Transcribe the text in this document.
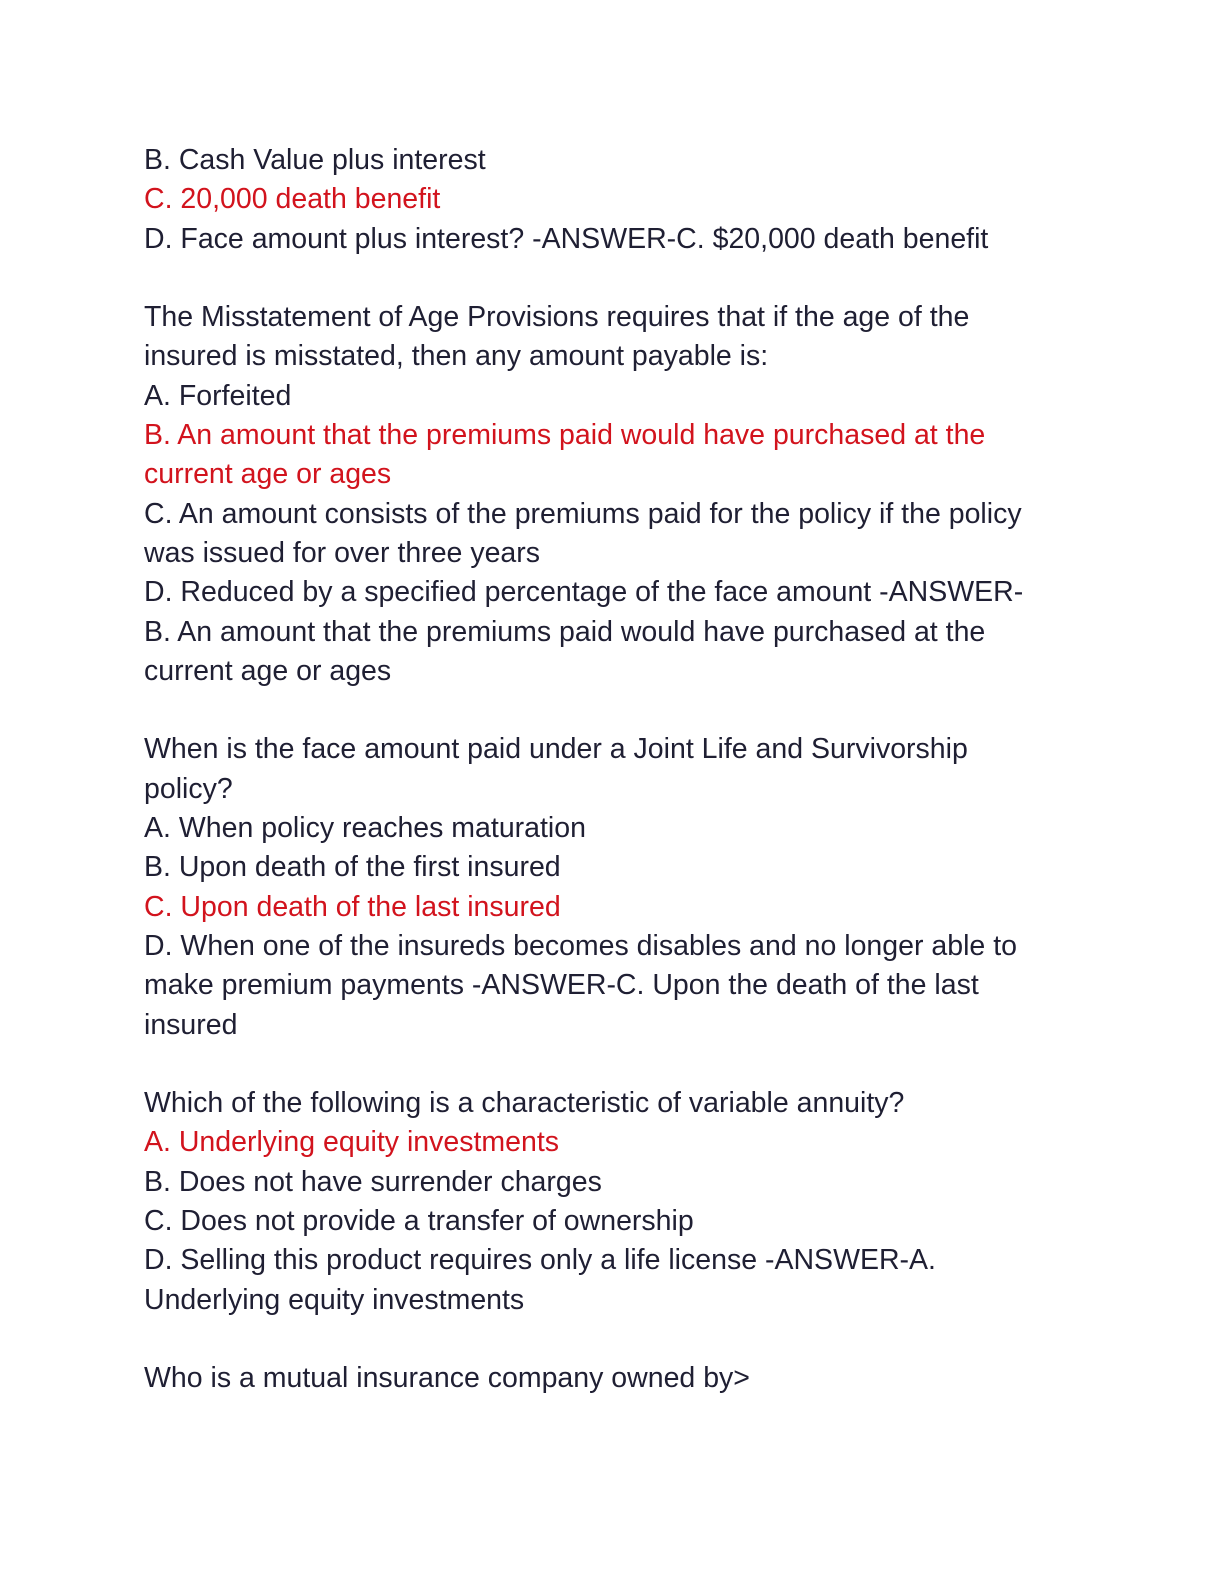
B. Cash Value plus interest
C. 20,000 death benefit
D. Face amount plus interest? -ANSWER-C. $20,000 death benefit
The Misstatement of Age Provisions requires that if the age of the
insured is misstated, then any amount payable is:
A. Forfeited
B. An amount that the premiums paid would have purchased at the
current age or ages
C. An amount consists of the premiums paid for the policy if the policy
was issued for over three years
D. Reduced by a specified percentage of the face amount -ANSWER-
B. An amount that the premiums paid would have purchased at the
current age or ages
When is the face amount paid under a Joint Life and Survivorship
policy?
A. When policy reaches maturation
B. Upon death of the first insured
C. Upon death of the last insured
D. When one of the insureds becomes disables and no longer able to
make premium payments -ANSWER-C. Upon the death of the last
insured
Which of the following is a characteristic of variable annuity?
A. Underlying equity investments
B. Does not have surrender charges
C. Does not provide a transfer of ownership
D. Selling this product requires only a life license -ANSWER-A.
Underlying equity investments
Who is a mutual insurance company owned by>
